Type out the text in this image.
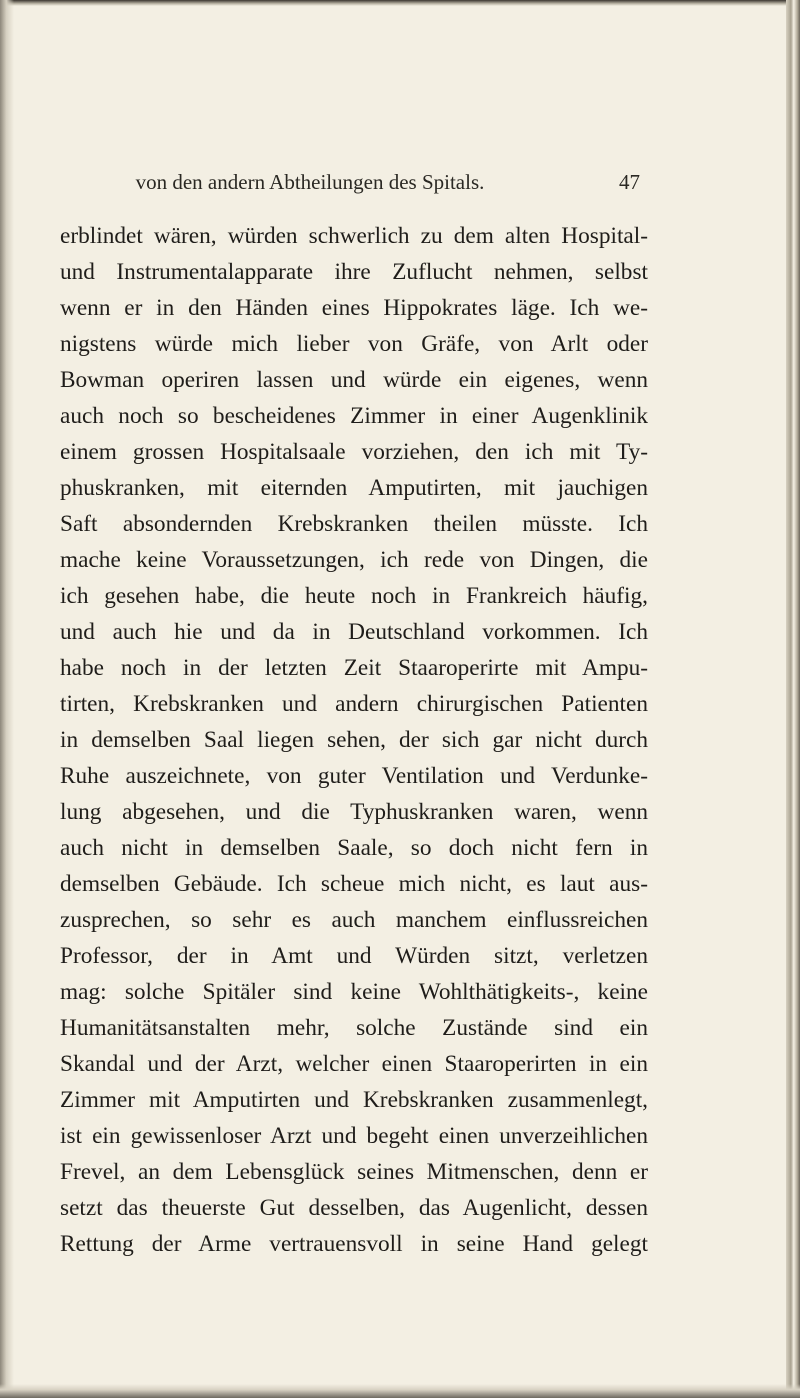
von den andern Abtheilungen des Spitals.	47
erblindet wären, würden schwerlich zu dem alten Hospital-
und Instrumentalapparate ihre Zuflucht nehmen, selbst
wenn er in den Händen eines Hippokrates läge. Ich we-
nigstens würde mich lieber von Gräfe, von Arlt oder
Bowman operiren lassen und würde ein eigenes, wenn
auch noch so bescheidenes Zimmer in einer Augenklinik
einem grossen Hospitalsaale vorziehen, den ich mit Ty-
phuskranken, mit eiternden Amputirten, mit jauchigen
Saft absondernden Krebskranken theilen müsste. Ich
mache keine Voraussetzungen, ich rede von Dingen, die
ich gesehen habe, die heute noch in Frankreich häufig,
und auch hie und da in Deutschland vorkommen. Ich
habe noch in der letzten Zeit Staaroperirte mit Ampu-
tirten, Krebskranken und andern chirurgischen Patienten
in demselben Saal liegen sehen, der sich gar nicht durch
Ruhe auszeichnete, von guter Ventilation und Verdunke-
lung abgesehen, und die Typhuskranken waren, wenn
auch nicht in demselben Saale, so doch nicht fern in
demselben Gebäude. Ich scheue mich nicht, es laut aus-
zusprechen, so sehr es auch manchem einflussreichen
Professor, der in Amt und Würden sitzt, verletzen
mag: solche Spitäler sind keine Wohlthätigkeits-, keine
Humanitätsanstalten mehr, solche Zustände sind ein
Skandal und der Arzt, welcher einen Staaroperirten in ein
Zimmer mit Amputirten und Krebskranken zusammenlegt,
ist ein gewissenloser Arzt und begeht einen unverzeihlichen
Frevel, an dem Lebensglück seines Mitmenschen, denn er
setzt das theuerste Gut desselben, das Augenlicht, dessen
Rettung der Arme vertrauensvoll in seine Hand gelegt
